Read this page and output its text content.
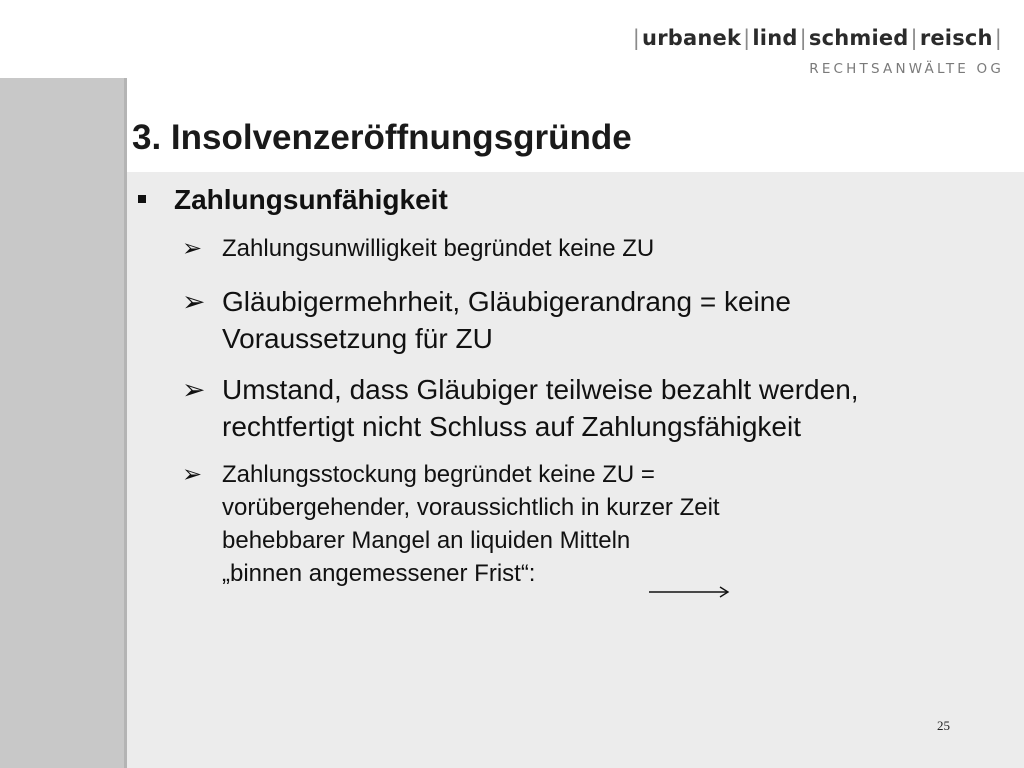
|urbanek|lind|schmied|reisch|
RECHTSANWÄLTE OG
3. Insolvenzeröffnungsgründe
Zahlungsunfähigkeit
➢ Zahlungsunwilligkeit begründet keine ZU
➢ Gläubigermehrheit, Gläubigerandrang = keine
Voraussetzung für ZU
➢ Umstand, dass Gläubiger teilweise bezahlt werden,
rechtfertigt nicht Schluss auf Zahlungsfähigkeit
➢ Zahlungsstockung begründet keine ZU =
vorübergehender, voraussichtlich in kurzer Zeit
behebbarer Mangel an liquiden Mitteln
„binnen angemessener Frist“:
25
